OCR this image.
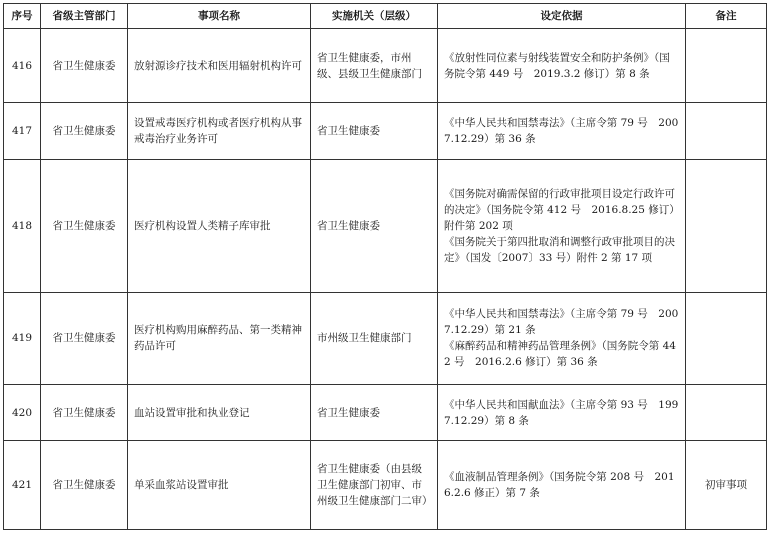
序号	省级主管部门	事项名称	实施机关（层级）	设定依据	备注
416	省卫生健康委	放射源诊疗技术和医用辐射机构许可	省卫生健康委，市州级、县级卫生健康部门	《放射性同位素与射线装置安全和防护条例》（国务院令第 449 号　2019.3.2 修订）第 8 条	

417	省卫生健康委	设置戒毒医疗机构或者医疗机构从事戒毒治疗业务许可	省卫生健康委	《中华人民共和国禁毒法》（主席令第 79 号　2007.12.29）第 36 条	

418	省卫生健康委	医疗机构设置人类精子库审批	省卫生健康委	《国务院对确需保留的行政审批项目设定行政许可的决定》（国务院令第 412 号　2016.8.25 修订）附件第 202 项
《国务院关于第四批取消和调整行政审批项目的决定》（国发〔2007〕33 号）附件 2 第 17 项	

419	省卫生健康委	医疗机构购用麻醉药品、第一类精神药品许可	市州级卫生健康部门	《中华人民共和国禁毒法》（主席令第 79 号　2007.12.29）第 21 条
《麻醉药品和精神药品管理条例》（国务院令第 442 号　2016.2.6 修订）第 36 条	

420	省卫生健康委	血站设置审批和执业登记	省卫生健康委	《中华人民共和国献血法》（主席令第 93 号　1997.12.29）第 8 条	

421	省卫生健康委	单采血浆站设置审批	省卫生健康委（由县级卫生健康部门初审、市州级卫生健康部门二审）	《血液制品管理条例》（国务院令第 208 号　2016.2.6 修正）第 7 条	初审事项
